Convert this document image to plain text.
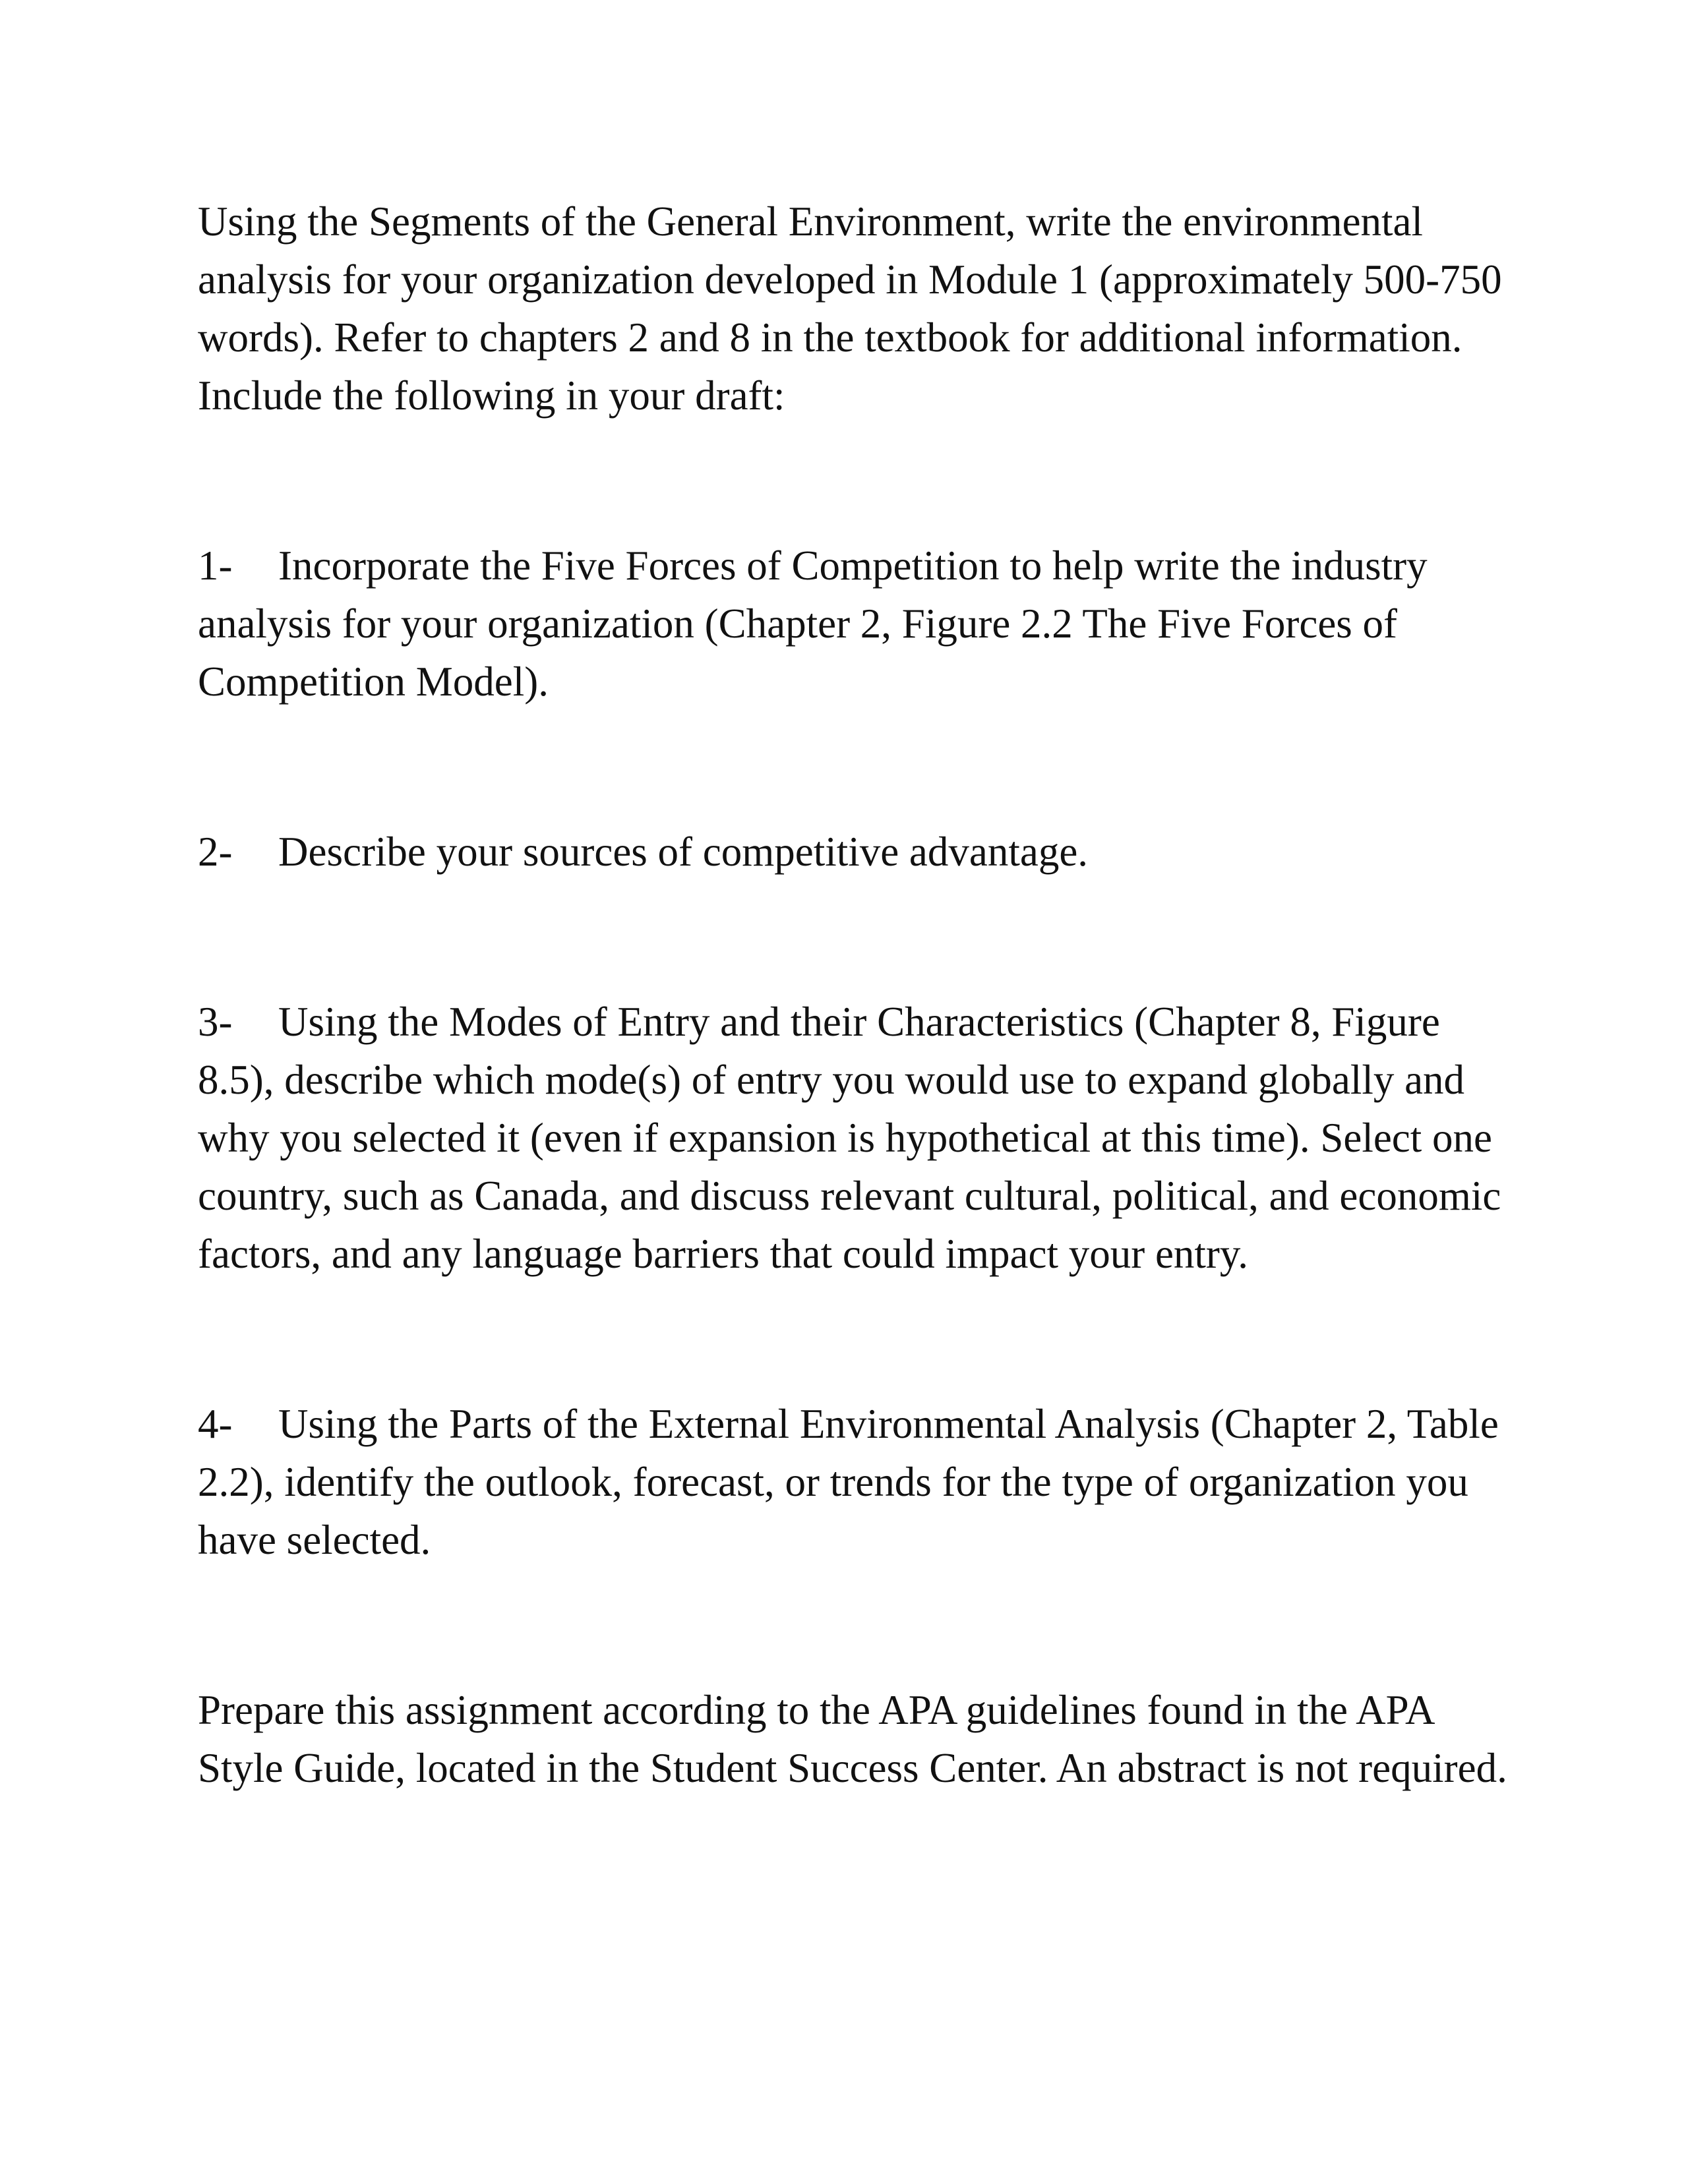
Using the Segments of the General Environment, write the environmental analysis for your organization developed in Module 1 (approximately 500-750 words). Refer to chapters 2 and 8 in the textbook for additional information. Include the following in your draft:

1- Incorporate the Five Forces of Competition to help write the industry analysis for your organization (Chapter 2, Figure 2.2 The Five Forces of Competition Model).
2- Describe your sources of competitive advantage.
3- Using the Modes of Entry and their Characteristics (Chapter 8, Figure 8.5), describe which mode(s) of entry you would use to expand globally and why you selected it (even if expansion is hypothetical at this time). Select one country, such as Canada, and discuss relevant cultural, political, and economic factors, and any language barriers that could impact your entry.
4- Using the Parts of the External Environmental Analysis (Chapter 2, Table 2.2), identify the outlook, forecast, or trends for the type of organization you have selected.

Prepare this assignment according to the APA guidelines found in the APA Style Guide, located in the Student Success Center. An abstract is not required.
